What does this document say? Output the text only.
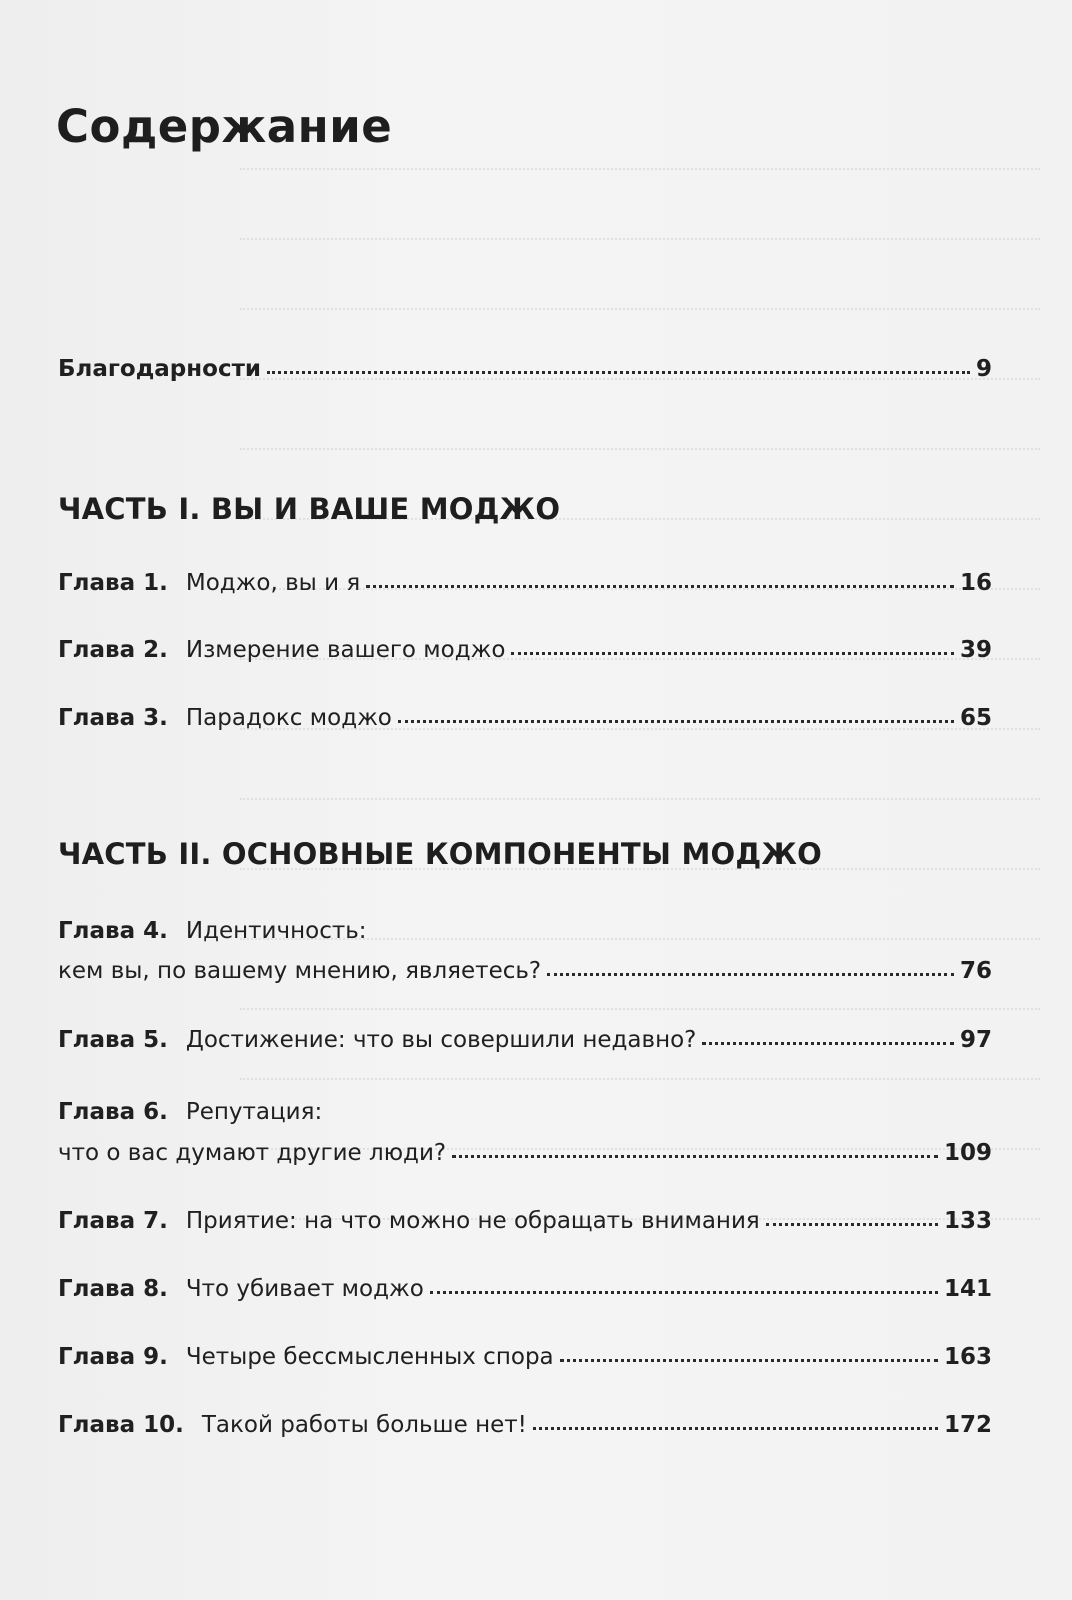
Содержание
Благодарности	9
ЧАСТЬ I. ВЫ И ВАШЕ МОДЖО
Глава 1. Моджо, вы и я	16
Глава 2. Измерение вашего моджо	39
Глава 3. Парадокс моджо	65
ЧАСТЬ II. ОСНОВНЫЕ КОМПОНЕНТЫ МОДЖО
Глава 4. Идентичность:
кем вы, по вашему мнению, являетесь?	76
Глава 5. Достижение: что вы совершили недавно?	97
Глава 6. Репутация:
что о вас думают другие люди?	109
Глава 7. Приятие: на что можно не обращать внимания	133
Глава 8. Что убивает моджо	141
Глава 9. Четыре бессмысленных спора	163
Глава 10. Такой работы больше нет!	172
